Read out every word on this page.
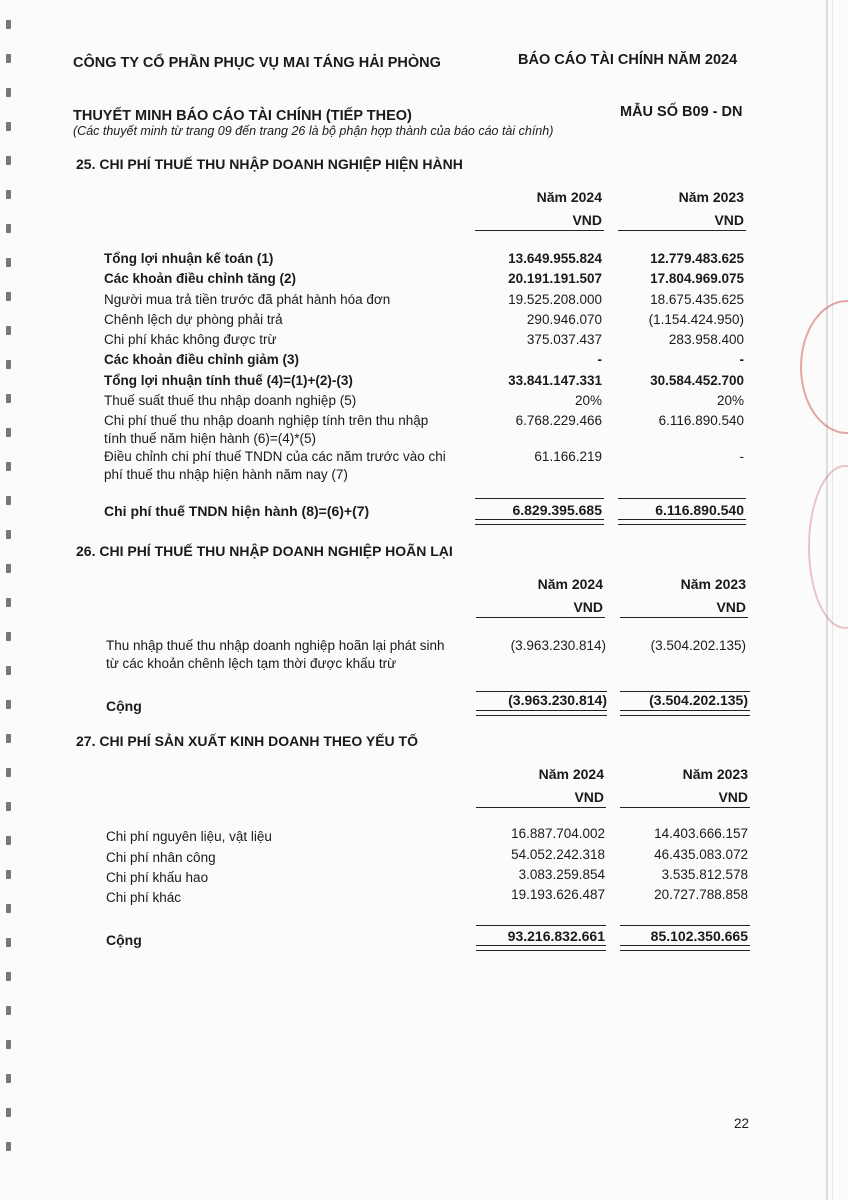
CÔNG TY CỔ PHẦN PHỤC VỤ MAI TÁNG HẢI PHÒNG	BÁO CÁO TÀI CHÍNH NĂM 2024
THUYẾT MINH BÁO CÁO TÀI CHÍNH (TIẾP THEO)	MẪU SỐ B09 - DN
(Các thuyết minh từ trang 09 đến trang 26 là bộ phận hợp thành của báo cáo tài chính)
25. CHI PHÍ THUẾ THU NHẬP DOANH NGHIỆP HIỆN HÀNH
Năm 2024	Năm 2023
VND	VND
Tổng lợi nhuận kế toán (1)	13.649.955.824	12.779.483.625
Các khoản điều chỉnh tăng (2)	20.191.191.507	17.804.969.075
Người mua trả tiền trước đã phát hành hóa đơn	19.525.208.000	18.675.435.625
Chênh lệch dự phòng phải trả	290.946.070	(1.154.424.950)
Chi phí khác không được trừ	375.037.437	283.958.400
Các khoản điều chỉnh giảm (3)	-	-
Tổng lợi nhuận tính thuế (4)=(1)+(2)-(3)	33.841.147.331	30.584.452.700
Thuế suất thuế thu nhập doanh nghiệp (5)	20%	20%
Chi phí thuế thu nhập doanh nghiệp tính trên thu nhập
tính thuế năm hiện hành (6)=(4)*(5)
6.768.229.466	6.116.890.540
Điều chỉnh chi phí thuế TNDN của các năm trước vào chi
phí thuế thu nhập hiện hành năm nay (7)
61.166.219	-
Chi phí thuế TNDN hiện hành (8)=(6)+(7)	6.829.395.685	6.116.890.540
26. CHI PHÍ THUẾ THU NHẬP DOANH NGHIỆP HOÃN LẠI
Năm 2024	Năm 2023
VND	VND
Thu nhập thuế thu nhập doanh nghiệp hoãn lại phát sinh
từ các khoản chênh lệch tạm thời được khấu trừ
(3.963.230.814)	(3.504.202.135)
Cộng	(3.963.230.814)	(3.504.202.135)
27. CHI PHÍ SẢN XUẤT KINH DOANH THEO YẾU TỐ
Năm 2024	Năm 2023
VND	VND
Chi phí nguyên liệu, vật liệu	16.887.704.002	14.403.666.157
Chi phí nhân công	54.052.242.318	46.435.083.072
Chi phí khấu hao	3.083.259.854	3.535.812.578
Chi phí khác	19.193.626.487	20.727.788.858
Cộng	93.216.832.661	85.102.350.665
22
